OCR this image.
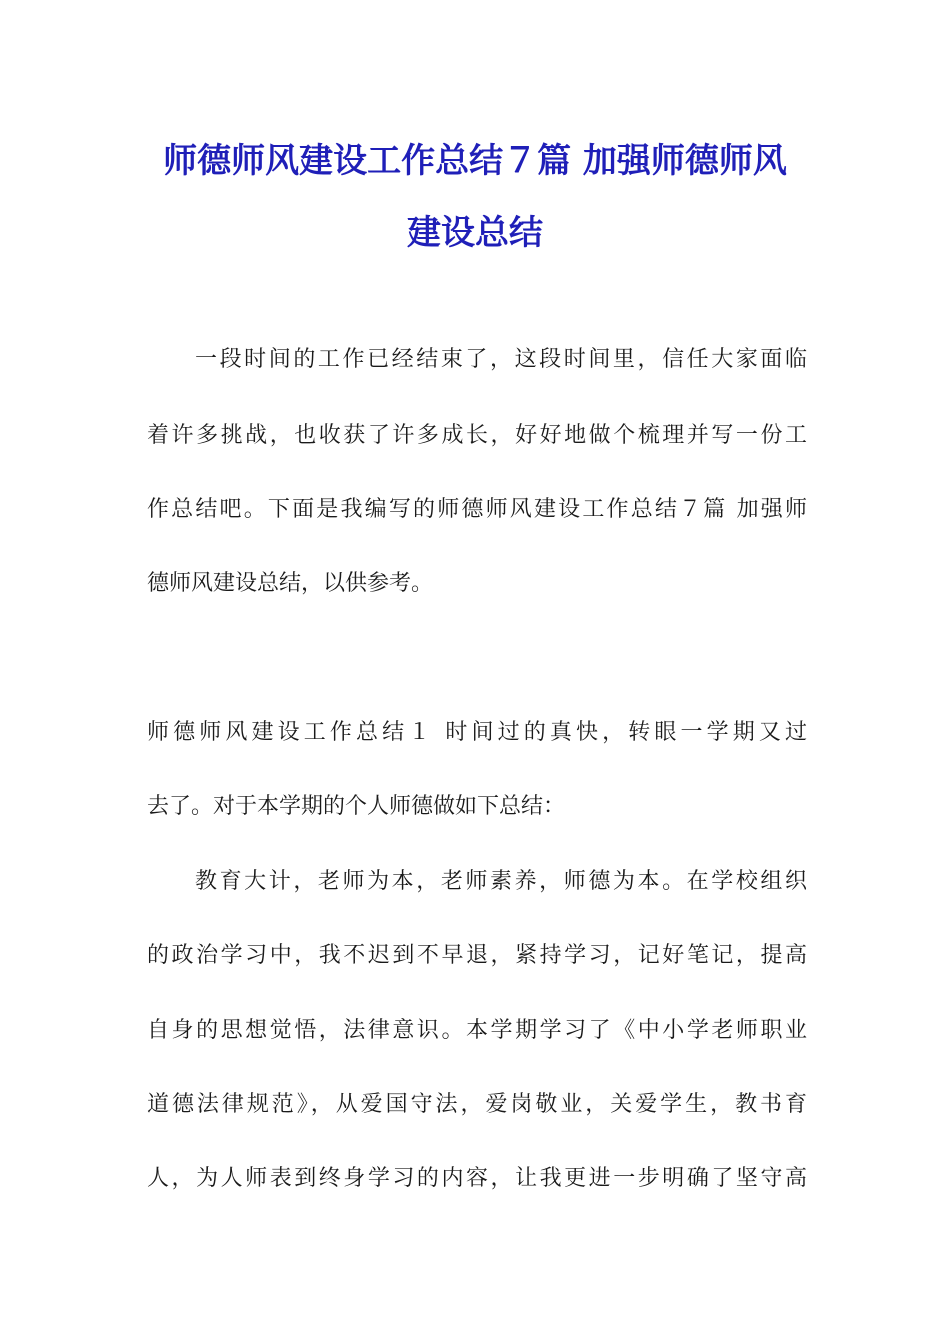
师德师风建设工作总结７篇 加强师德师风
建设总结

一段时间的工作已经结束了，这段时间里，信任大家面临

着许多挑战，也收获了许多成长，好好地做个梳理并写一份工

作总结吧。下面是我编写的师德师风建设工作总结７篇 加强师

德师风建设总结，以供参考。

师德师风建设工作总结１ 时间过的真快，转眼一学期又过

去了。对于本学期的个人师德做如下总结：

教育大计，老师为本，老师素养，师德为本。在学校组织

的政治学习中，我不迟到不早退，紧持学习，记好笔记，提高

自身的思想觉悟，法律意识。本学期学习了《中小学老师职业

道德法律规范》，从爱国守法，爱岗敬业，关爱学生，教书育

人，为人师表到终身学习的内容，让我更进一步明确了坚守高
